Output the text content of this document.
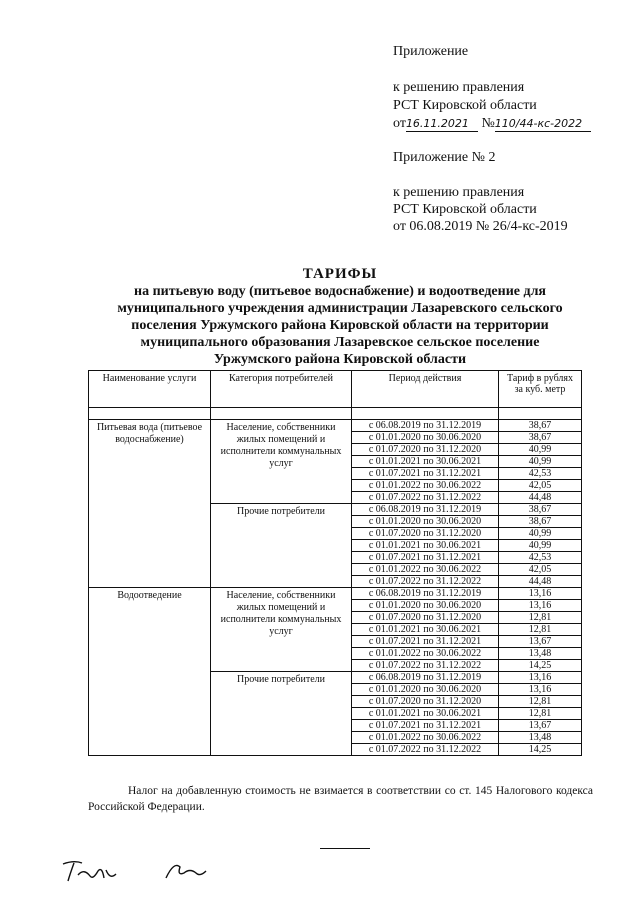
Приложение
к решению правления
РСТ Кировской области
от16.11.2021 №110/44-кс-2022
Приложение № 2
к решению правления
РСТ Кировской области
от 06.08.2019 № 26/4-кс-2019
ТАРИФЫ
на питьевую воду (питьевое водоснабжение) и водоотведение для
муниципального учреждения администрации Лазаревского сельского
поселения Уржумского района Кировской области на территории
муниципального образования Лазаревское сельское поселение
Уржумского района Кировской области
Наименование услуги	Категория потребителей	Период действия	Тариф в рублях за куб. метр

Питьевая вода (питьевое водоснабжение)	Население, собственники жилых помещений и исполнители коммунальных услуг	с 06.08.2019 по 31.12.2019	38,67
		с 01.01.2020 по 30.06.2020	38,67
		с 01.07.2020 по 31.12.2020	40,99
		с 01.01.2021 по 30.06.2021	40,99
		с 01.07.2021 по 31.12.2021	42,53
		с 01.01.2022 по 30.06.2022	42,05
		с 01.07.2022 по 31.12.2022	44,48
	Прочие потребители	с 06.08.2019 по 31.12.2019	38,67
		с 01.01.2020 по 30.06.2020	38,67
		с 01.07.2020 по 31.12.2020	40,99
		с 01.01.2021 по 30.06.2021	40,99
		с 01.07.2021 по 31.12.2021	42,53
		с 01.01.2022 по 30.06.2022	42,05
		с 01.07.2022 по 31.12.2022	44,48
Водоотведение	Население, собственники жилых помещений и исполнители коммунальных услуг	с 06.08.2019 по 31.12.2019	13,16
		с 01.01.2020 по 30.06.2020	13,16
		с 01.07.2020 по 31.12.2020	12,81
		с 01.01.2021 по 30.06.2021	12,81
		с 01.07.2021 по 31.12.2021	13,67
		с 01.01.2022 по 30.06.2022	13,48
		с 01.07.2022 по 31.12.2022	14,25
	Прочие потребители	с 06.08.2019 по 31.12.2019	13,16
		с 01.01.2020 по 30.06.2020	13,16
		с 01.07.2020 по 31.12.2020	12,81
		с 01.01.2021 по 30.06.2021	12,81
		с 01.07.2021 по 31.12.2021	13,67
		с 01.01.2022 по 30.06.2022	13,48
		с 01.07.2022 по 31.12.2022	14,25
Налог на добавленную стоимость не взимается в соответствии со ст. 145 Налогового кодекса Российской Федерации.
